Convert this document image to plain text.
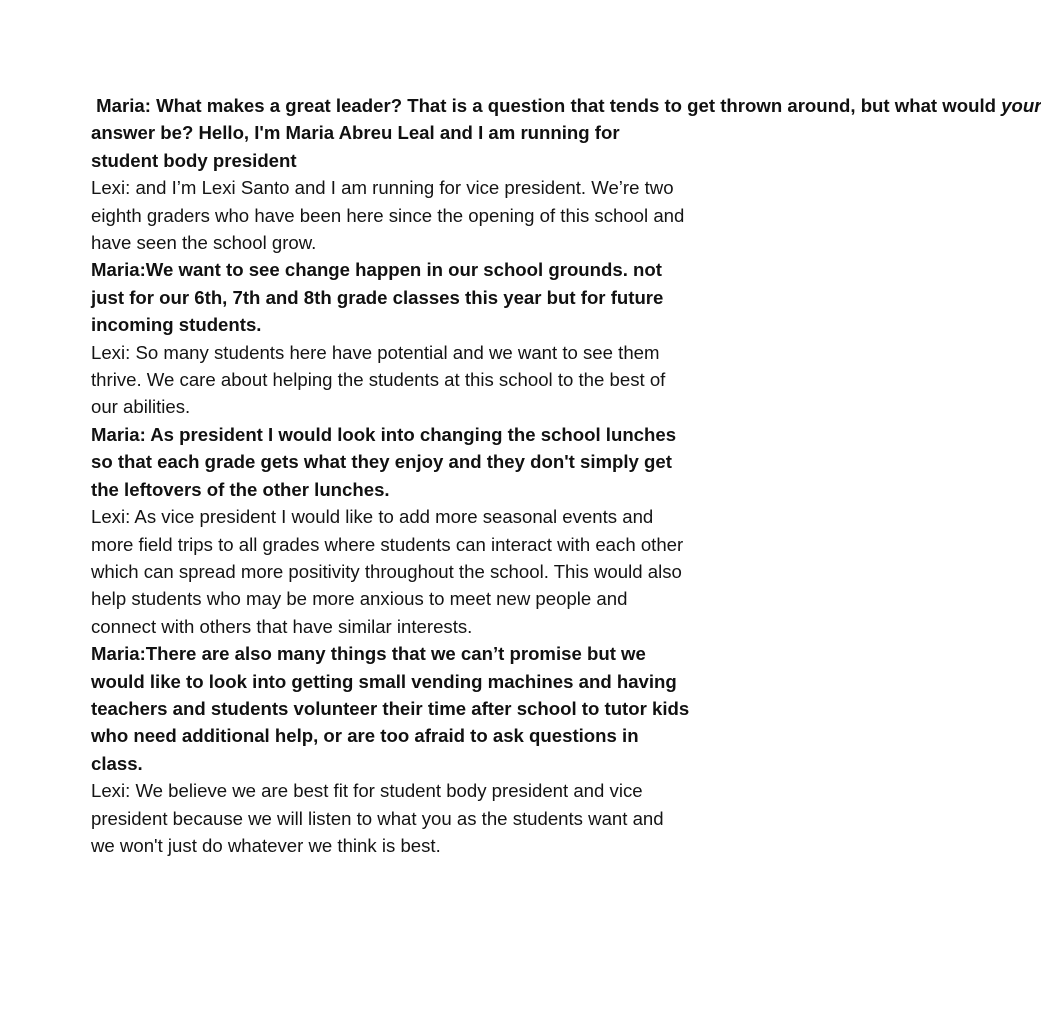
Maria: What makes a great leader? That is a question that tends to get thrown around, but what would your answer be? Hello, I'm Maria Abreu Leal and I am running for student body president

Lexi: and I’m Lexi Santo and I am running for vice president. We’re two eighth graders who have been here since the opening of this school and have seen the school grow.

Maria:We want to see change happen in our school grounds. not just for our 6th, 7th and 8th grade classes this year but for future incoming students.

Lexi: So many students here have potential and we want to see them thrive. We care about helping the students at this school to the best of our abilities.

Maria: As president I would look into changing the school lunches so that each grade gets what they enjoy and they don't simply get the leftovers of the other lunches.

Lexi: As vice president I would like to add more seasonal events and more field trips to all grades where students can interact with each other which can spread more positivity throughout the school. This would also help students who may be more anxious to meet new people and connect with others that have similar interests.

Maria:There are also many things that we can’t promise but we would like to look into getting small vending machines and having teachers and students volunteer their time after school to tutor kids who need additional help, or are too afraid to ask questions in class.

Lexi: We believe we are best fit for student body president and vice president because we will listen to what you as the students want and we won't just do whatever we think is best.
